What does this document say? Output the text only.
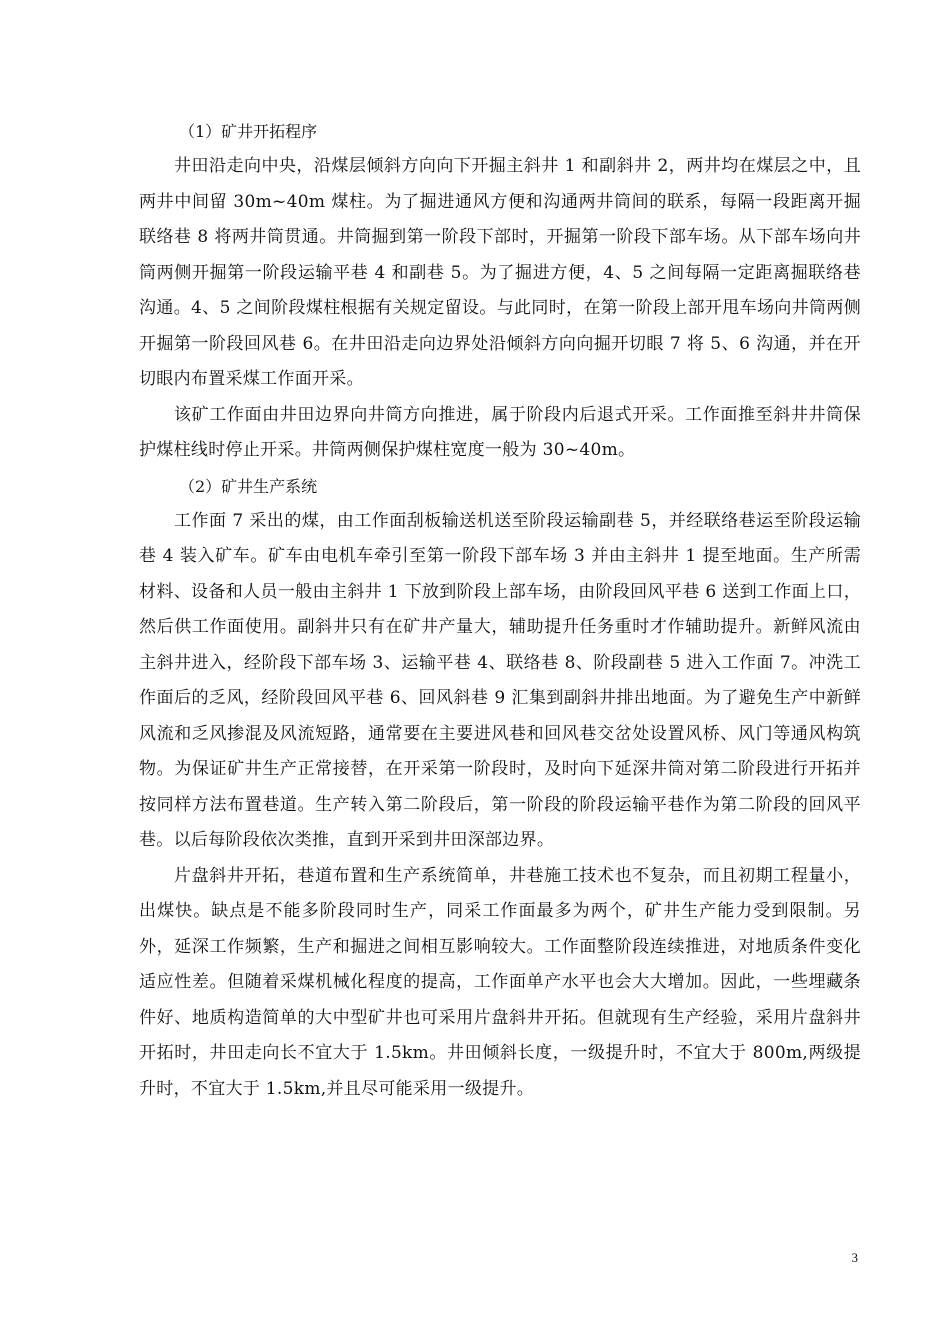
（1）矿井开拓程序

井田沿走向中央，沿煤层倾斜方向向下开掘主斜井 1 和副斜井 2，两井均在煤层之中，且两井中间留 30m~40m 煤柱。为了掘进通风方便和沟通两井筒间的联系，每隔一段距离开掘联络巷 8 将两井筒贯通。井筒掘到第一阶段下部时，开掘第一阶段下部车场。从下部车场向井筒两侧开掘第一阶段运输平巷 4 和副巷 5。为了掘进方便，4、5 之间每隔一定距离掘联络巷沟通。4、5 之间阶段煤柱根据有关规定留设。与此同时，在第一阶段上部开甩车场向井筒两侧开掘第一阶段回风巷 6。在井田沿走向边界处沿倾斜方向向掘开切眼 7 将 5、6 沟通，并在开切眼内布置采煤工作面开采。

该矿工作面由井田边界向井筒方向推进，属于阶段内后退式开采。工作面推至斜井井筒保护煤柱线时停止开采。井筒两侧保护煤柱宽度一般为 30~40m。

（2）矿井生产系统

工作面 7 采出的煤，由工作面刮板输送机送至阶段运输副巷 5，并经联络巷运至阶段运输巷 4 装入矿车。矿车由电机车牵引至第一阶段下部车场 3 并由主斜井 1 提至地面。生产所需材料、设备和人员一般由主斜井 1 下放到阶段上部车场，由阶段回风平巷 6 送到工作面上口，然后供工作面使用。副斜井只有在矿井产量大，辅助提升任务重时才作辅助提升。新鲜风流由主斜井进入，经阶段下部车场 3、运输平巷 4、联络巷 8、阶段副巷 5 进入工作面 7。冲洗工作面后的乏风，经阶段回风平巷 6、回风斜巷 9 汇集到副斜井排出地面。为了避免生产中新鲜风流和乏风掺混及风流短路，通常要在主要进风巷和回风巷交岔处设置风桥、风门等通风构筑物。为保证矿井生产正常接替，在开采第一阶段时，及时向下延深井筒对第二阶段进行开拓并按同样方法布置巷道。生产转入第二阶段后，第一阶段的阶段运输平巷作为第二阶段的回风平巷。以后每阶段依次类推，直到开采到井田深部边界。

片盘斜井开拓，巷道布置和生产系统简单，井巷施工技术也不复杂，而且初期工程量小，出煤快。缺点是不能多阶段同时生产，同采工作面最多为两个，矿井生产能力受到限制。另外，延深工作频繁，生产和掘进之间相互影响较大。工作面整阶段连续推进，对地质条件变化适应性差。但随着采煤机械化程度的提高，工作面单产水平也会大大增加。因此，一些埋藏条件好、地质构造简单的大中型矿井也可采用片盘斜井开拓。但就现有生产经验，采用片盘斜井开拓时，井田走向长不宜大于 1.5km。井田倾斜长度，一级提升时，不宜大于 800m,两级提升时，不宜大于 1.5km,并且尽可能采用一级提升。

3
